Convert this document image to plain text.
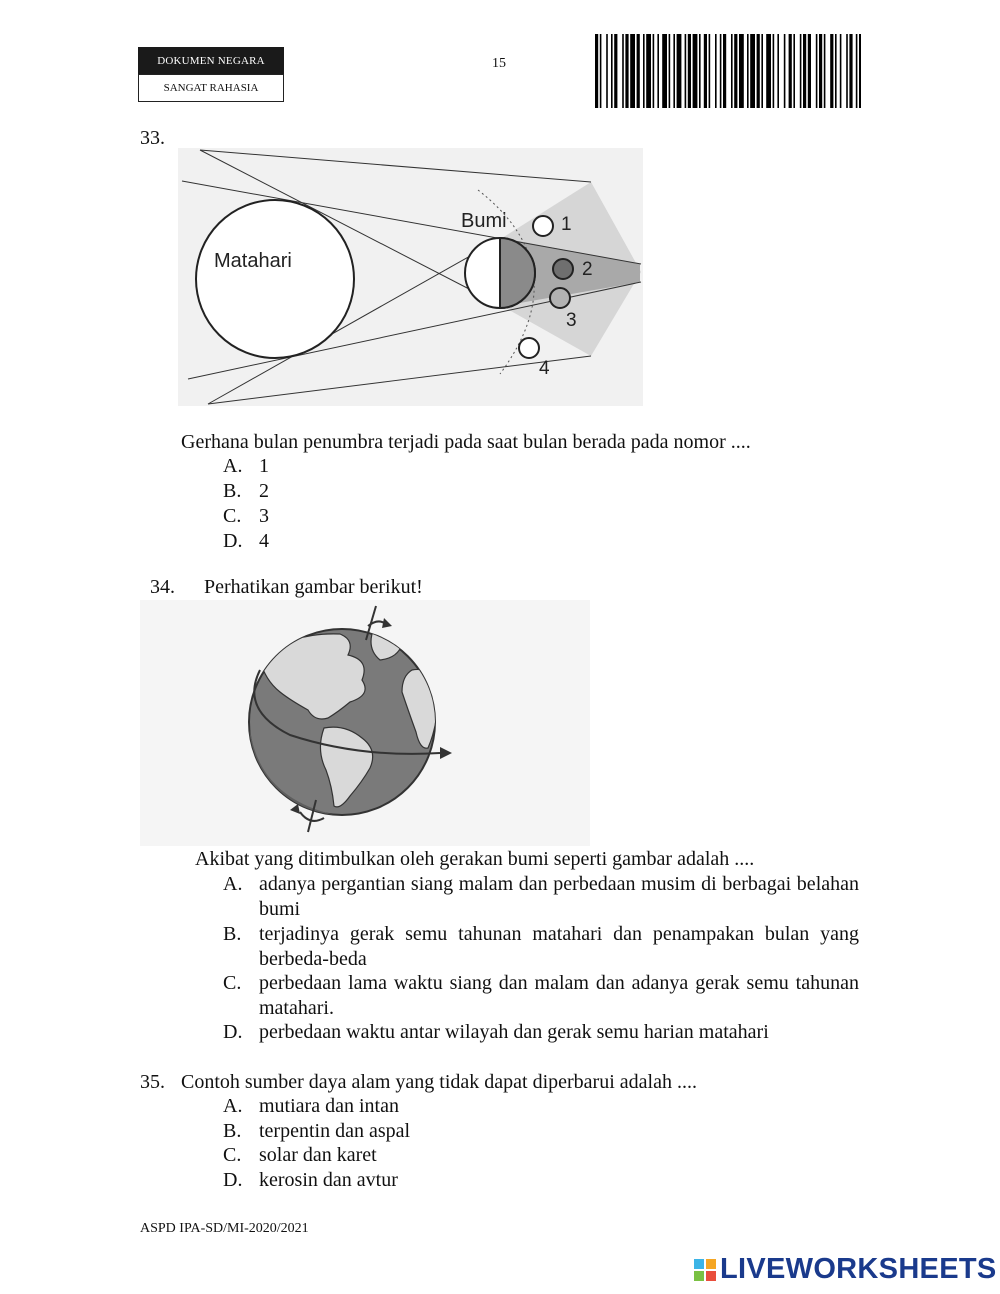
DOKUMEN NEGARA
SANGAT RAHASIA
15
33.
Matahari
Bumi	1
2
3
4
Gerhana bulan penumbra terjadi pada saat bulan berada pada nomor ....
A. 1
B. 2
C. 3
D. 4
34. Perhatikan gambar berikut!
Akibat yang ditimbulkan oleh gerakan bumi seperti gambar adalah ....
A. adanya pergantian siang malam dan perbedaan musim di berbagai belahan bumi
B. terjadinya gerak semu tahunan matahari dan penampakan bulan yang berbeda-beda
C. perbedaan lama waktu siang dan malam dan adanya gerak semu tahunan matahari.
D. perbedaan waktu antar wilayah dan gerak semu harian matahari
35. Contoh sumber daya alam yang tidak dapat diperbarui adalah ....
A. mutiara dan intan
B. terpentin dan aspal
C. solar dan karet
D. kerosin dan avtur
ASPD IPA-SD/MI-2020/2021
LIVEWORKSHEETS
